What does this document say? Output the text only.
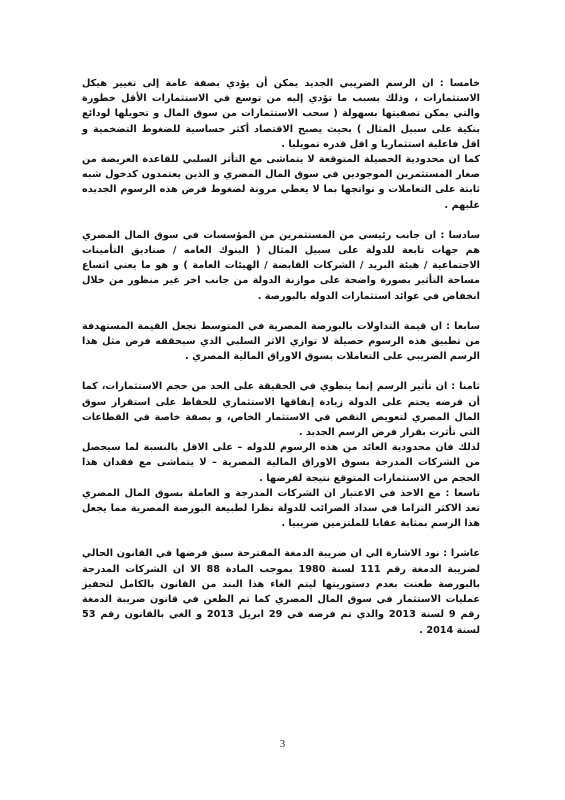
خامسا : ان الرسم الضريبي الجديد يمكن أن يؤدي بصفة عامة إلى تغيير هيكل الاستثمارات ، وذلك بسبب ما تؤدي إليه من توسع في الاستثمارات الأقل خطورة والتي يمكن تصفيتها بسهولة ( سحب الاستثمارات من سوق المال و تحويلها لودائع بنكية على سبيل المثال ) بحيث يصبح الاقتصاد أكثر حساسية للضغوط التضخمية و اقل فاعلية استثماريا و اقل قدره تمويليا .

كما ان محدودية الحصيلة المتوقعة لا يتماشى مع التأثر السلبي للقاعدة العريضة من صغار المستثمرين الموجودين في سوق المال المصري و الذين يعتمدون كدخول شبه ثابتة على التعاملات و نواتجها بما لا يعطي مرونة لضغوط فرض هذه الرسوم الجديده عليهم .

سادسا : ان جانب رئيسي من المستثمرين من المؤسسات في سوق المال المصري هم جهات تابعة للدولة على سبيل المثال ( البنوك العامه / صناديق التأمينات الاجتماعية / هيئة البريد / الشركات القابضة / الهيئات العامة ) و هو ما يعني اتساع مساحة التأثير بصورة واضحة على موازنة الدولة من جانب اخر غير منظور من خلال انخفاض في عوائد استثمارات الدوله بالبورصة .

سابعا : ان قيمة التداولات بالبورصة المصرية في المتوسط تجعل القيمة المستهدفة من تطبيق هذه الرسوم حصيلة لا توازي الاثر السلبي الذي سيحققه فرض مثل هذا الرسم الضريبي على التعاملات بسوق الاوراق المالية المصري .

ثامنا : ان تأثير الرسم إنما ينطوي في الحقيقة على الحد من حجم الاستثمارات، كما أن فرضه يحتم على الدولة زيادة إنفاقها الاستثماري للحفاظ على استقرار سوق المال المصري لتعويض النقص في الاستثمار الخاص، و بصفة خاصة في القطاعات التي تأثرت بقرار فرض الرسم الجديد .

لذلك فان محدودية العائد من هذه الرسوم للدوله – على الاقل بالنسبة لما سيحصل من الشركات المدرجة بسوق الاوراق المالية المصرية – لا يتماشى مع فقدان هذا الحجم من الاستثمارات المتوقع نتيجة لفرضها .

تاسعا : مع الاخذ في الاعتبار ان الشركات المدرجة و العاملة بسوق المال المصري تعد الاكثر التزاما في سداد الضرائب للدولة نظرا لطبيعة البورصة المصرية مما يجعل هذا الرسم بمثابة عقابا للملتزمين ضريبيا .

عاشرا : نود الاشارة الي ان ضريبة الدمغة المقترحة سبق فرضها في القانون الحالي لضريبة الدمغة رقم 111 لسنة 1980 بموجب المادة 88 الا ان الشركات المدرجة بالبورصة طعنت بعدم دستوريتها ليتم الغاء هذا البند من القانون بالكامل لتحفيز عمليات الاستثمار في سوق المال المصري كما تم الطعن في قانون ضريبة الدمغة رقم 9 لسنة 2013 والذي تم فرضه في 29 ابريل 2013 و الغي بالقانون رقم 53 لسنة 2014 .

3
